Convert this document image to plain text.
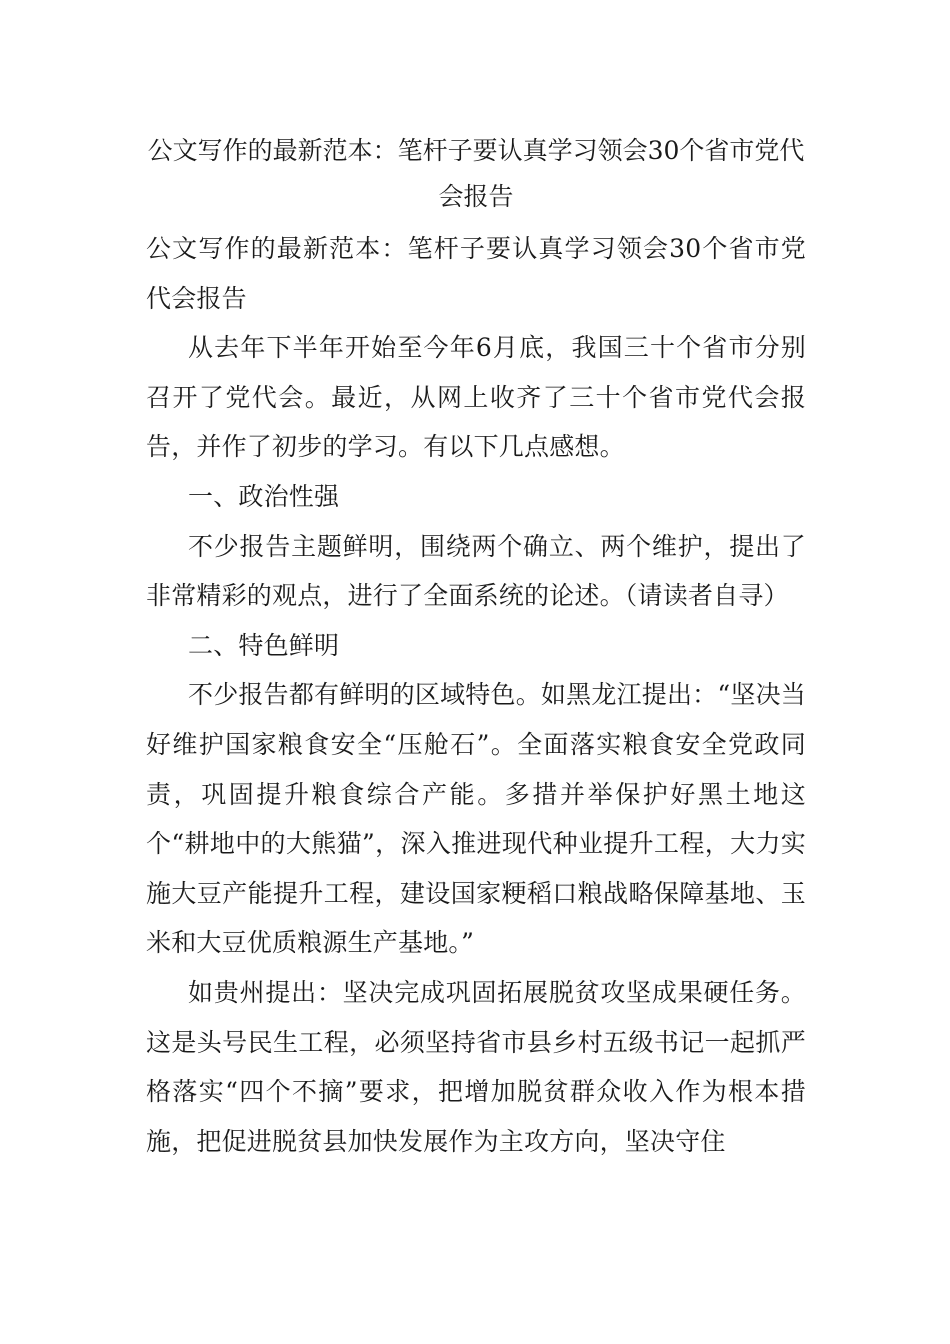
公文写作的最新范本：笔杆子要认真学习领会30个省市党代会报告

公文写作的最新范本：笔杆子要认真学习领会30个省市党代会报告

从去年下半年开始至今年6月底，我国三十个省市分别召开了党代会。最近，从网上收齐了三十个省市党代会报告，并作了初步的学习。有以下几点感想。

一、政治性强

不少报告主题鲜明，围绕两个确立、两个维护，提出了非常精彩的观点，进行了全面系统的论述。（请读者自寻）

二、特色鲜明

不少报告都有鲜明的区域特色。如黑龙江提出：“坚决当好维护国家粮食安全“压舱石”。全面落实粮食安全党政同责，巩固提升粮食综合产能。多措并举保护好黑土地这个“耕地中的大熊猫”，深入推进现代种业提升工程，大力实施大豆产能提升工程，建设国家粳稻口粮战略保障基地、玉米和大豆优质粮源生产基地。”

如贵州提出：坚决完成巩固拓展脱贫攻坚成果硬任务。这是头号民生工程，必须坚持省市县乡村五级书记一起抓严格落实“四个不摘”要求，把增加脱贫群众收入作为根本措施，把促进脱贫县加快发展作为主攻方向，坚决守住
